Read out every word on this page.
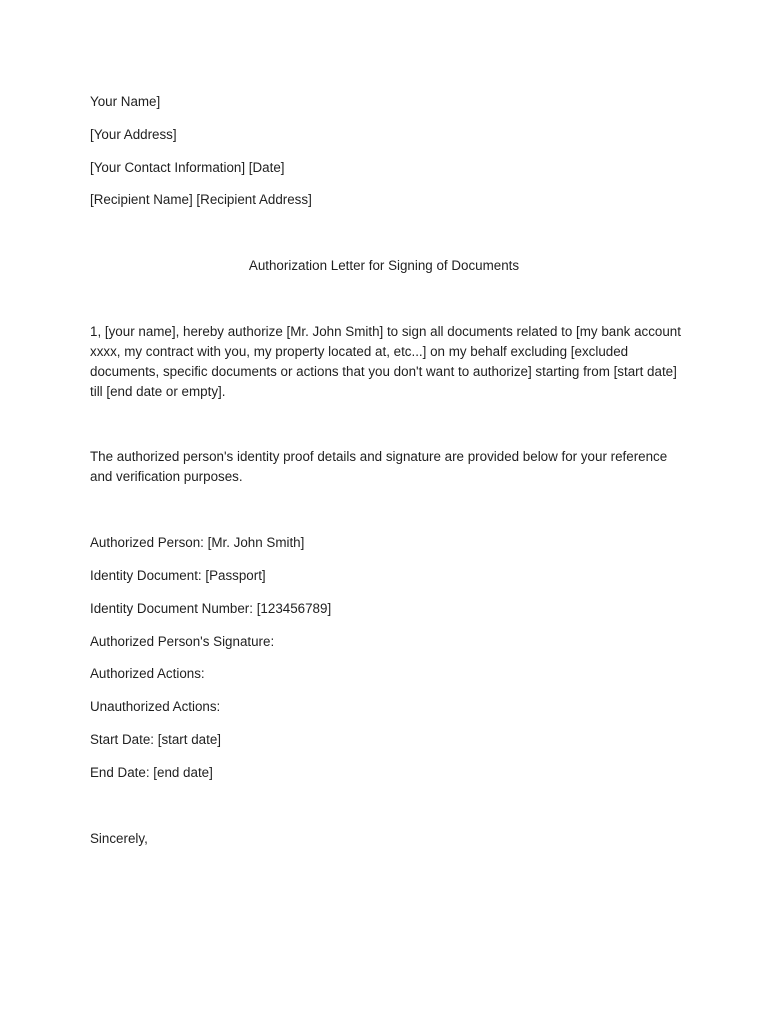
Your Name]

[Your Address]

[Your Contact Information] [Date]

[Recipient Name] [Recipient Address]

Authorization Letter for Signing of Documents

1, [your name], hereby authorize [Mr. John Smith] to sign all documents related to [my bank account xxxx, my contract with you, my property located at, etc...] on my behalf excluding [excluded documents, specific documents or actions that you don't want to authorize] starting from [start date] till [end date or empty].

The authorized person's identity proof details and signature are provided below for your reference and verification purposes.

Authorized Person: [Mr. John Smith]

Identity Document: [Passport]

Identity Document Number: [123456789]

Authorized Person's Signature:

Authorized Actions:

Unauthorized Actions:

Start Date: [start date]

End Date: [end date]

Sincerely,
